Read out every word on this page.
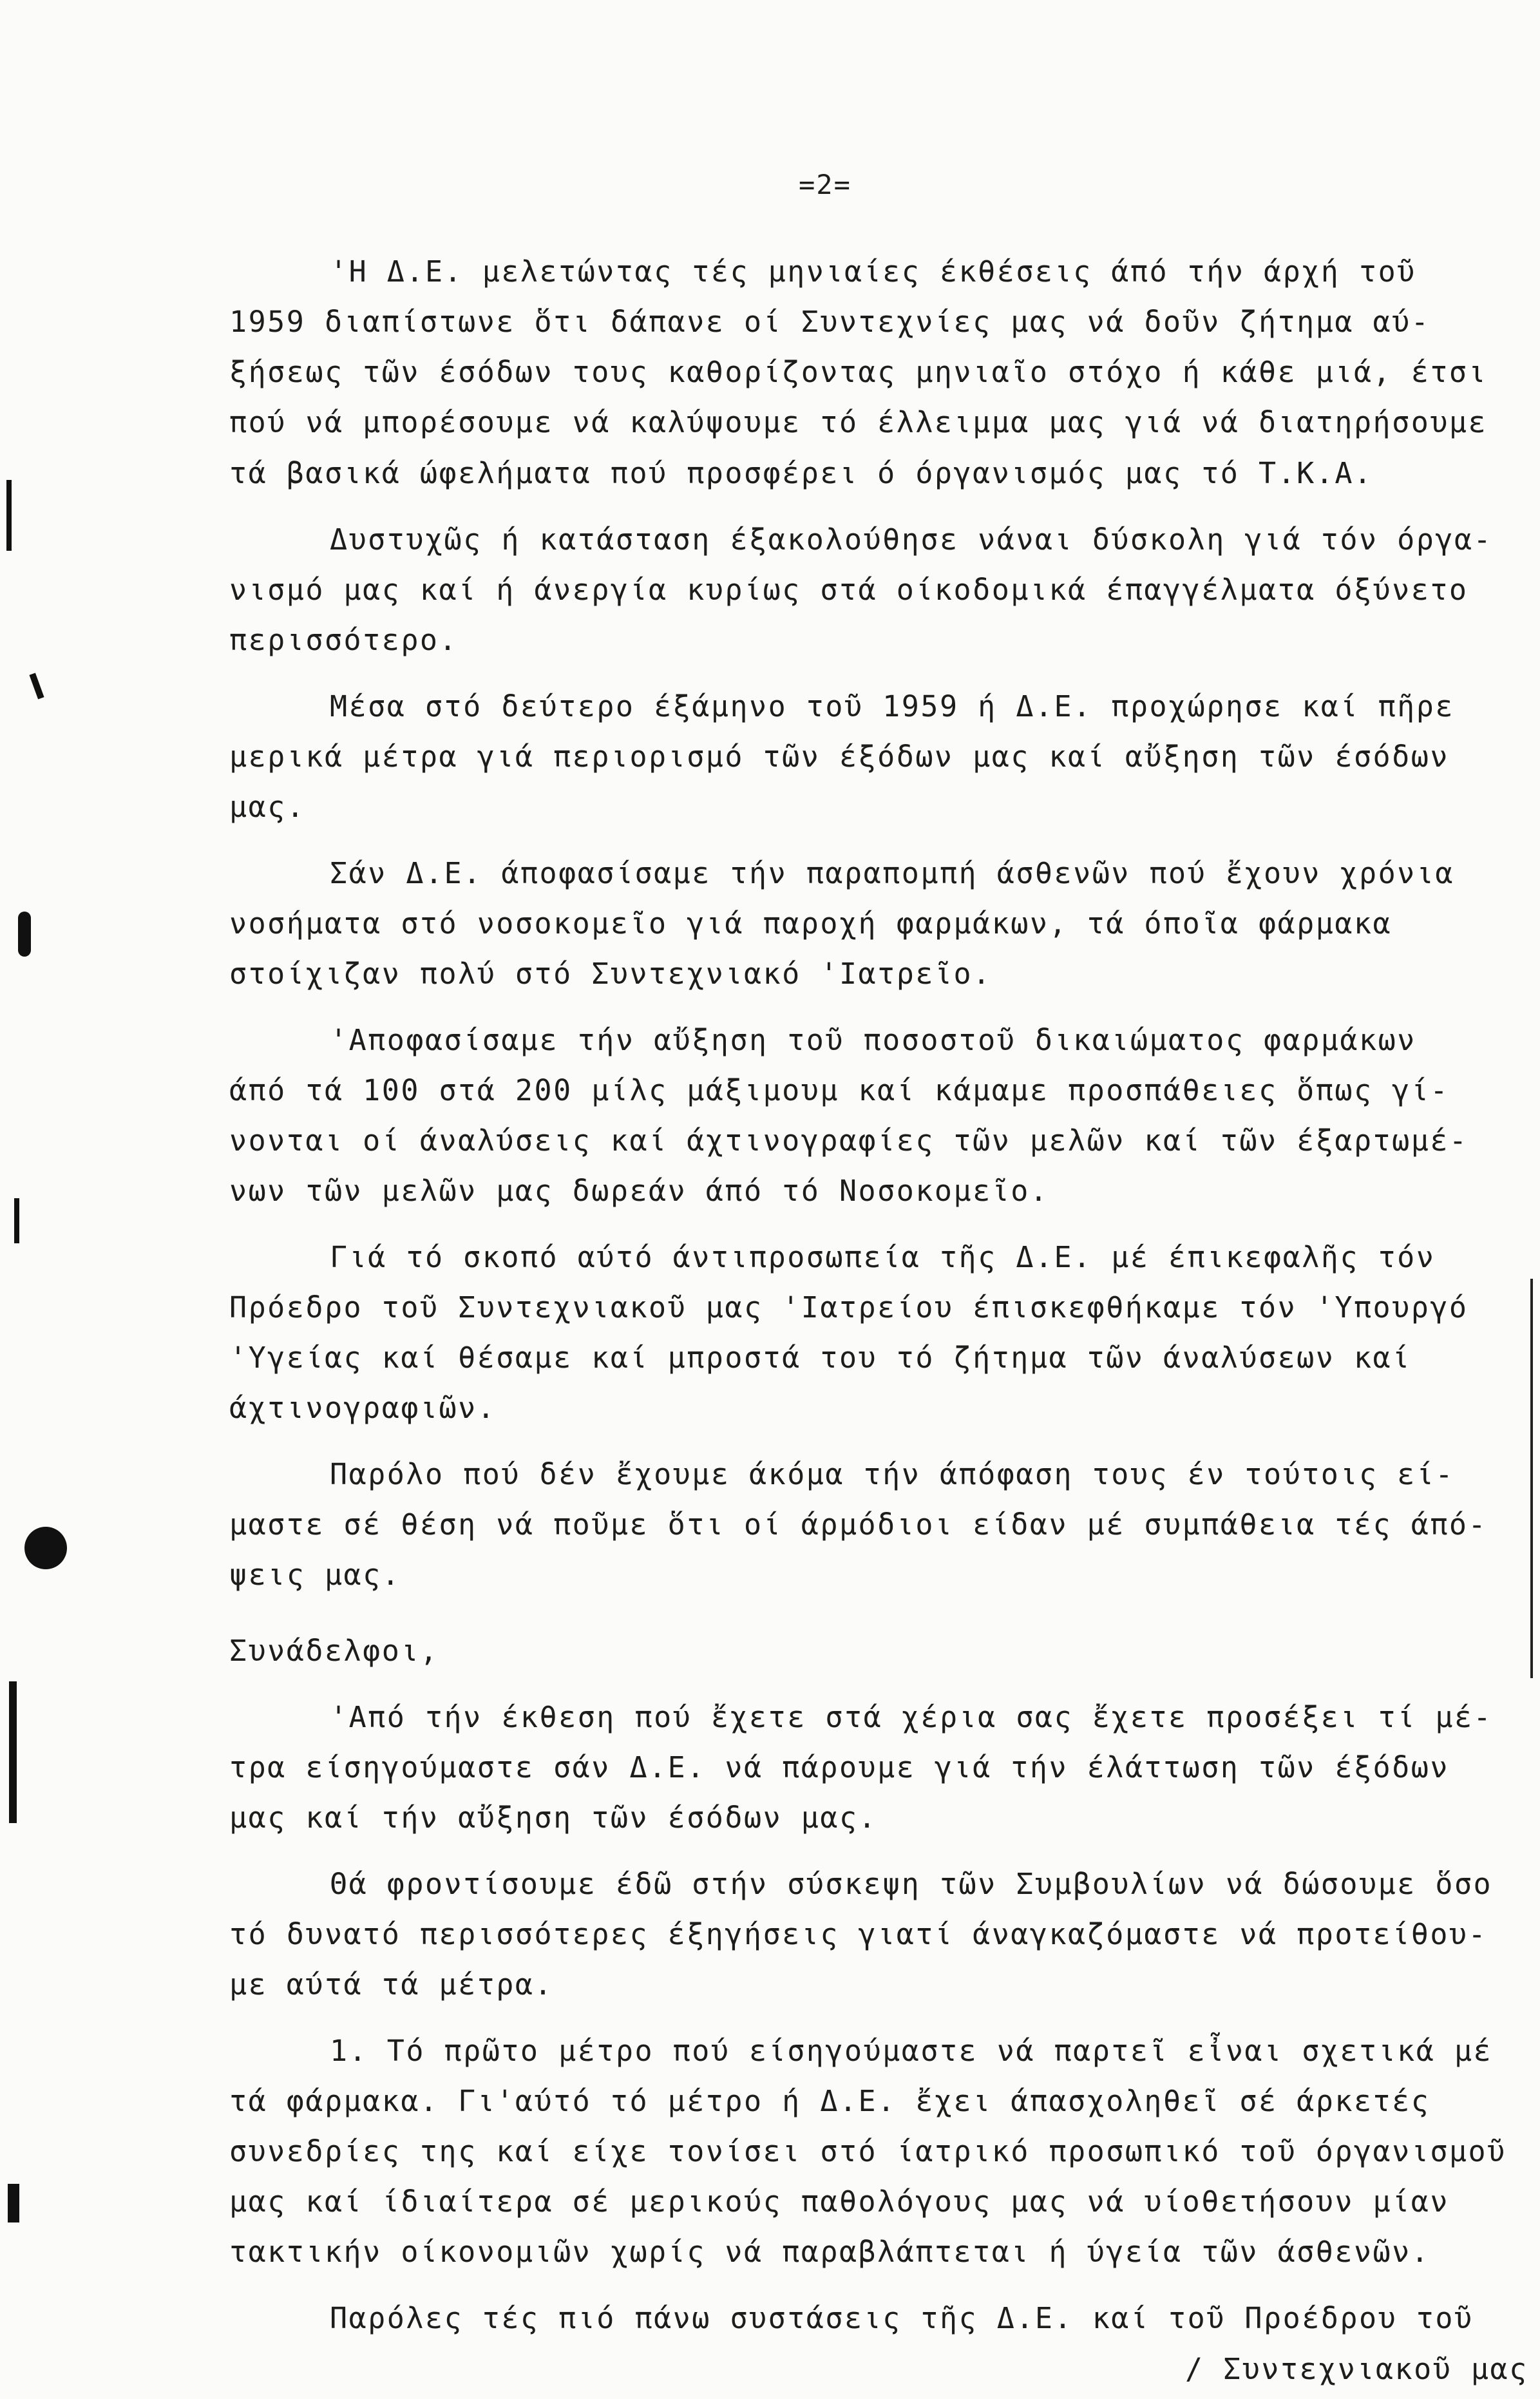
=2=
'Η Δ.Ε. μελετώντας τές μηνιαίες έκθέσεις άπό τήν άρχή τοῦ
1959 διαπίστωνε ὅτι δάπανε οί Συντεχνίες μας νά δοῦν ζήτημα αύ-
ξήσεως τῶν έσόδων τους καθορίζοντας μηνιαῖο στόχο ή κάθε μιά, έτσι
πού νά μπορέσουμε νά καλύψουμε τό έλλειμμα μας γιά νά διατηρήσουμε
τά βασικά ώφελήματα πού προσφέρει ό όργανισμός μας τό Τ.Κ.Α.
Δυστυχῶς ή κατάσταση έξακολούθησε νάναι δύσκολη γιά τόν όργα-
νισμό μας καί ή άνεργία κυρίως στά οίκοδομικά έπαγγέλματα όξύνετο
περισσότερο.
Μέσα στό δεύτερο έξάμηνο τοῦ 1959 ή Δ.Ε. προχώρησε καί πῆρε
μερικά μέτρα γιά περιορισμό τῶν έξόδων μας καί αὔξηση τῶν έσόδων
μας.
Σάν Δ.Ε. άποφασίσαμε τήν παραπομπή άσθενῶν πού ἔχουν χρόνια
νοσήματα στό νοσοκομεῖο γιά παροχή φαρμάκων, τά όποῖα φάρμακα
στοίχιζαν πολύ στό Συντεχνιακό 'Ιατρεῖο.
'Αποφασίσαμε τήν αὔξηση τοῦ ποσοστοῦ δικαιώματος φαρμάκων
άπό τά 100 στά 200 μίλς μάξιμουμ καί κάμαμε προσπάθειες ὅπως γί-
νονται οί άναλύσεις καί άχτινογραφίες τῶν μελῶν καί τῶν έξαρτωμέ-
νων τῶν μελῶν μας δωρεάν άπό τό Νοσοκομεῖο.
Γιά τό σκοπό αύτό άντιπροσωπεία τῆς Δ.Ε. μέ έπικεφαλῆς τόν
Πρόεδρο τοῦ Συντεχνιακοῦ μας 'Ιατρείου έπισκεφθήκαμε τόν 'Υπουργό
'Υγείας καί θέσαμε καί μπροστά του τό ζήτημα τῶν άναλύσεων καί
άχτινογραφιῶν.
Παρόλο πού δέν ἔχουμε άκόμα τήν άπόφαση τους έν τούτοις εί-
μαστε σέ θέση νά ποῦμε ὅτι οί άρμόδιοι είδαν μέ συμπάθεια τές άπό-
ψεις μας.
Συνάδελφοι,
'Από τήν έκθεση πού ἔχετε στά χέρια σας ἔχετε προσέξει τί μέ-
τρα είσηγούμαστε σάν Δ.Ε. νά πάρουμε γιά τήν έλάττωση τῶν έξόδων
μας καί τήν αὔξηση τῶν έσόδων μας.
Θά φροντίσουμε έδῶ στήν σύσκεψη τῶν Συμβουλίων νά δώσουμε ὅσο
τό δυνατό περισσότερες έξηγήσεις γιατί άναγκαζόμαστε νά προτείθου-
με αύτά τά μέτρα.
1. Τό πρῶτο μέτρο πού είσηγούμαστε νά παρτεῖ εἶναι σχετικά μέ
τά φάρμακα. Γι'αύτό τό μέτρο ή Δ.Ε. ἔχει άπασχοληθεῖ σέ άρκετές
συνεδρίες της καί είχε τονίσει στό ίατρικό προσωπικό τοῦ όργανισμοῦ
μας καί ίδιαίτερα σέ μερικούς παθολόγους μας νά υίοθετήσουν μίαν
τακτικήν οίκονομιῶν χωρίς νά παραβλάπτεται ή ύγεία τῶν άσθενῶν.
Παρόλες τές πιό πάνω συστάσεις τῆς Δ.Ε. καί τοῦ Προέδρου τοῦ
/ Συντεχνιακοῦ μας
